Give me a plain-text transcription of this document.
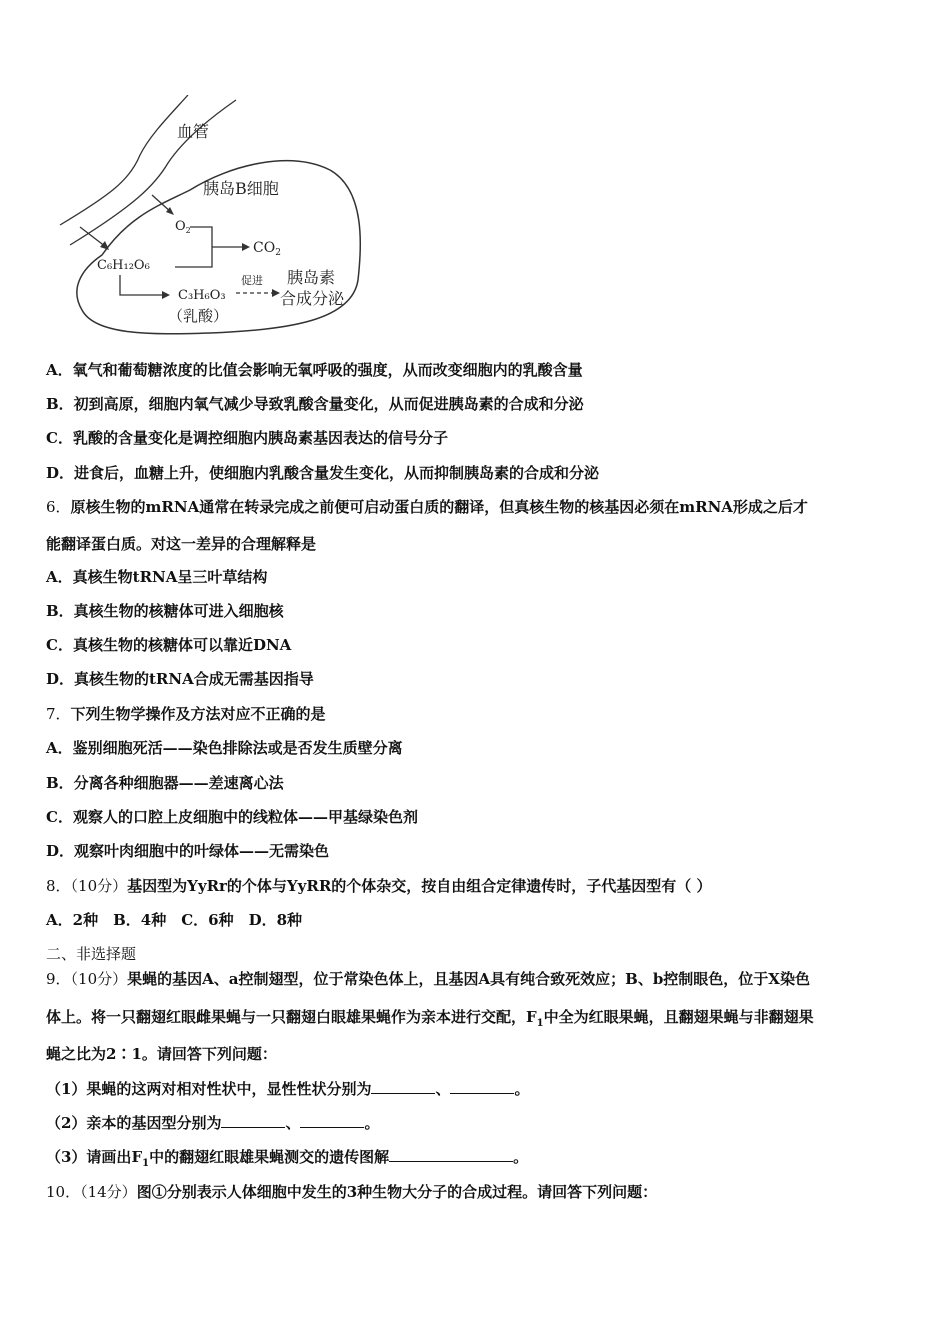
血管
胰岛B细胞
$O_2$
$CO_2$
C₆H₁₂O₆
C₃H₆O₃
（乳酸）
促进 胰岛素
合成分泌
A．氧气和葡萄糖浓度的比值会影响无氧呼吸的强度，从而改变细胞内的乳酸含量
B．初到高原，细胞内氧气减少导致乳酸含量变化，从而促进胰岛素的合成和分泌
C．乳酸的含量变化是调控细胞内胰岛素基因表达的信号分子
D．进食后，血糖上升，使细胞内乳酸含量发生变化，从而抑制胰岛素的合成和分泌
6．原核生物的mRNA通常在转录完成之前便可启动蛋白质的翻译，但真核生物的核基因必须在mRNA形成之后才
能翻译蛋白质。对这一差异的合理解释是
A．真核生物tRNA呈三叶草结构
B．真核生物的核糖体可进入细胞核
C．真核生物的核糖体可以靠近DNA
D．真核生物的tRNA合成无需基因指导
7．下列生物学操作及方法对应不正确的是
A．鉴别细胞死活——染色排除法或是否发生质壁分离
B．分离各种细胞器——差速离心法
C．观察人的口腔上皮细胞中的线粒体——甲基绿染色剂
D．观察叶肉细胞中的叶绿体——无需染色
8．（10分）基因型为YyRr的个体与YyRR的个体杂交，按自由组合定律遗传时，子代基因型有（ ）
A．2种　B．4种　C．6种　D．8种
二、非选择题
9．（10分）果蝇的基因A、a控制翅型，位于常染色体上，且基因A具有纯合致死效应；B、b控制眼色，位于X染色
体上。将一只翻翅红眼雌果蝇与一只翻翅白眼雄果蝇作为亲本进行交配，$F_1$中全为红眼果蝇，且翻翅果蝇与非翻翅果
蝇之比为2∶1。请回答下列问题：
（1）果蝇的这两对相对性状中，显性性状分别为	、	。
（2）亲本的基因型分别为	、	。
（3）请画出$F_1$中的翻翅红眼雄果蝇测交的遗传图解	。
10．（14分）图①分别表示人体细胞中发生的3种生物大分子的合成过程。请回答下列问题：
